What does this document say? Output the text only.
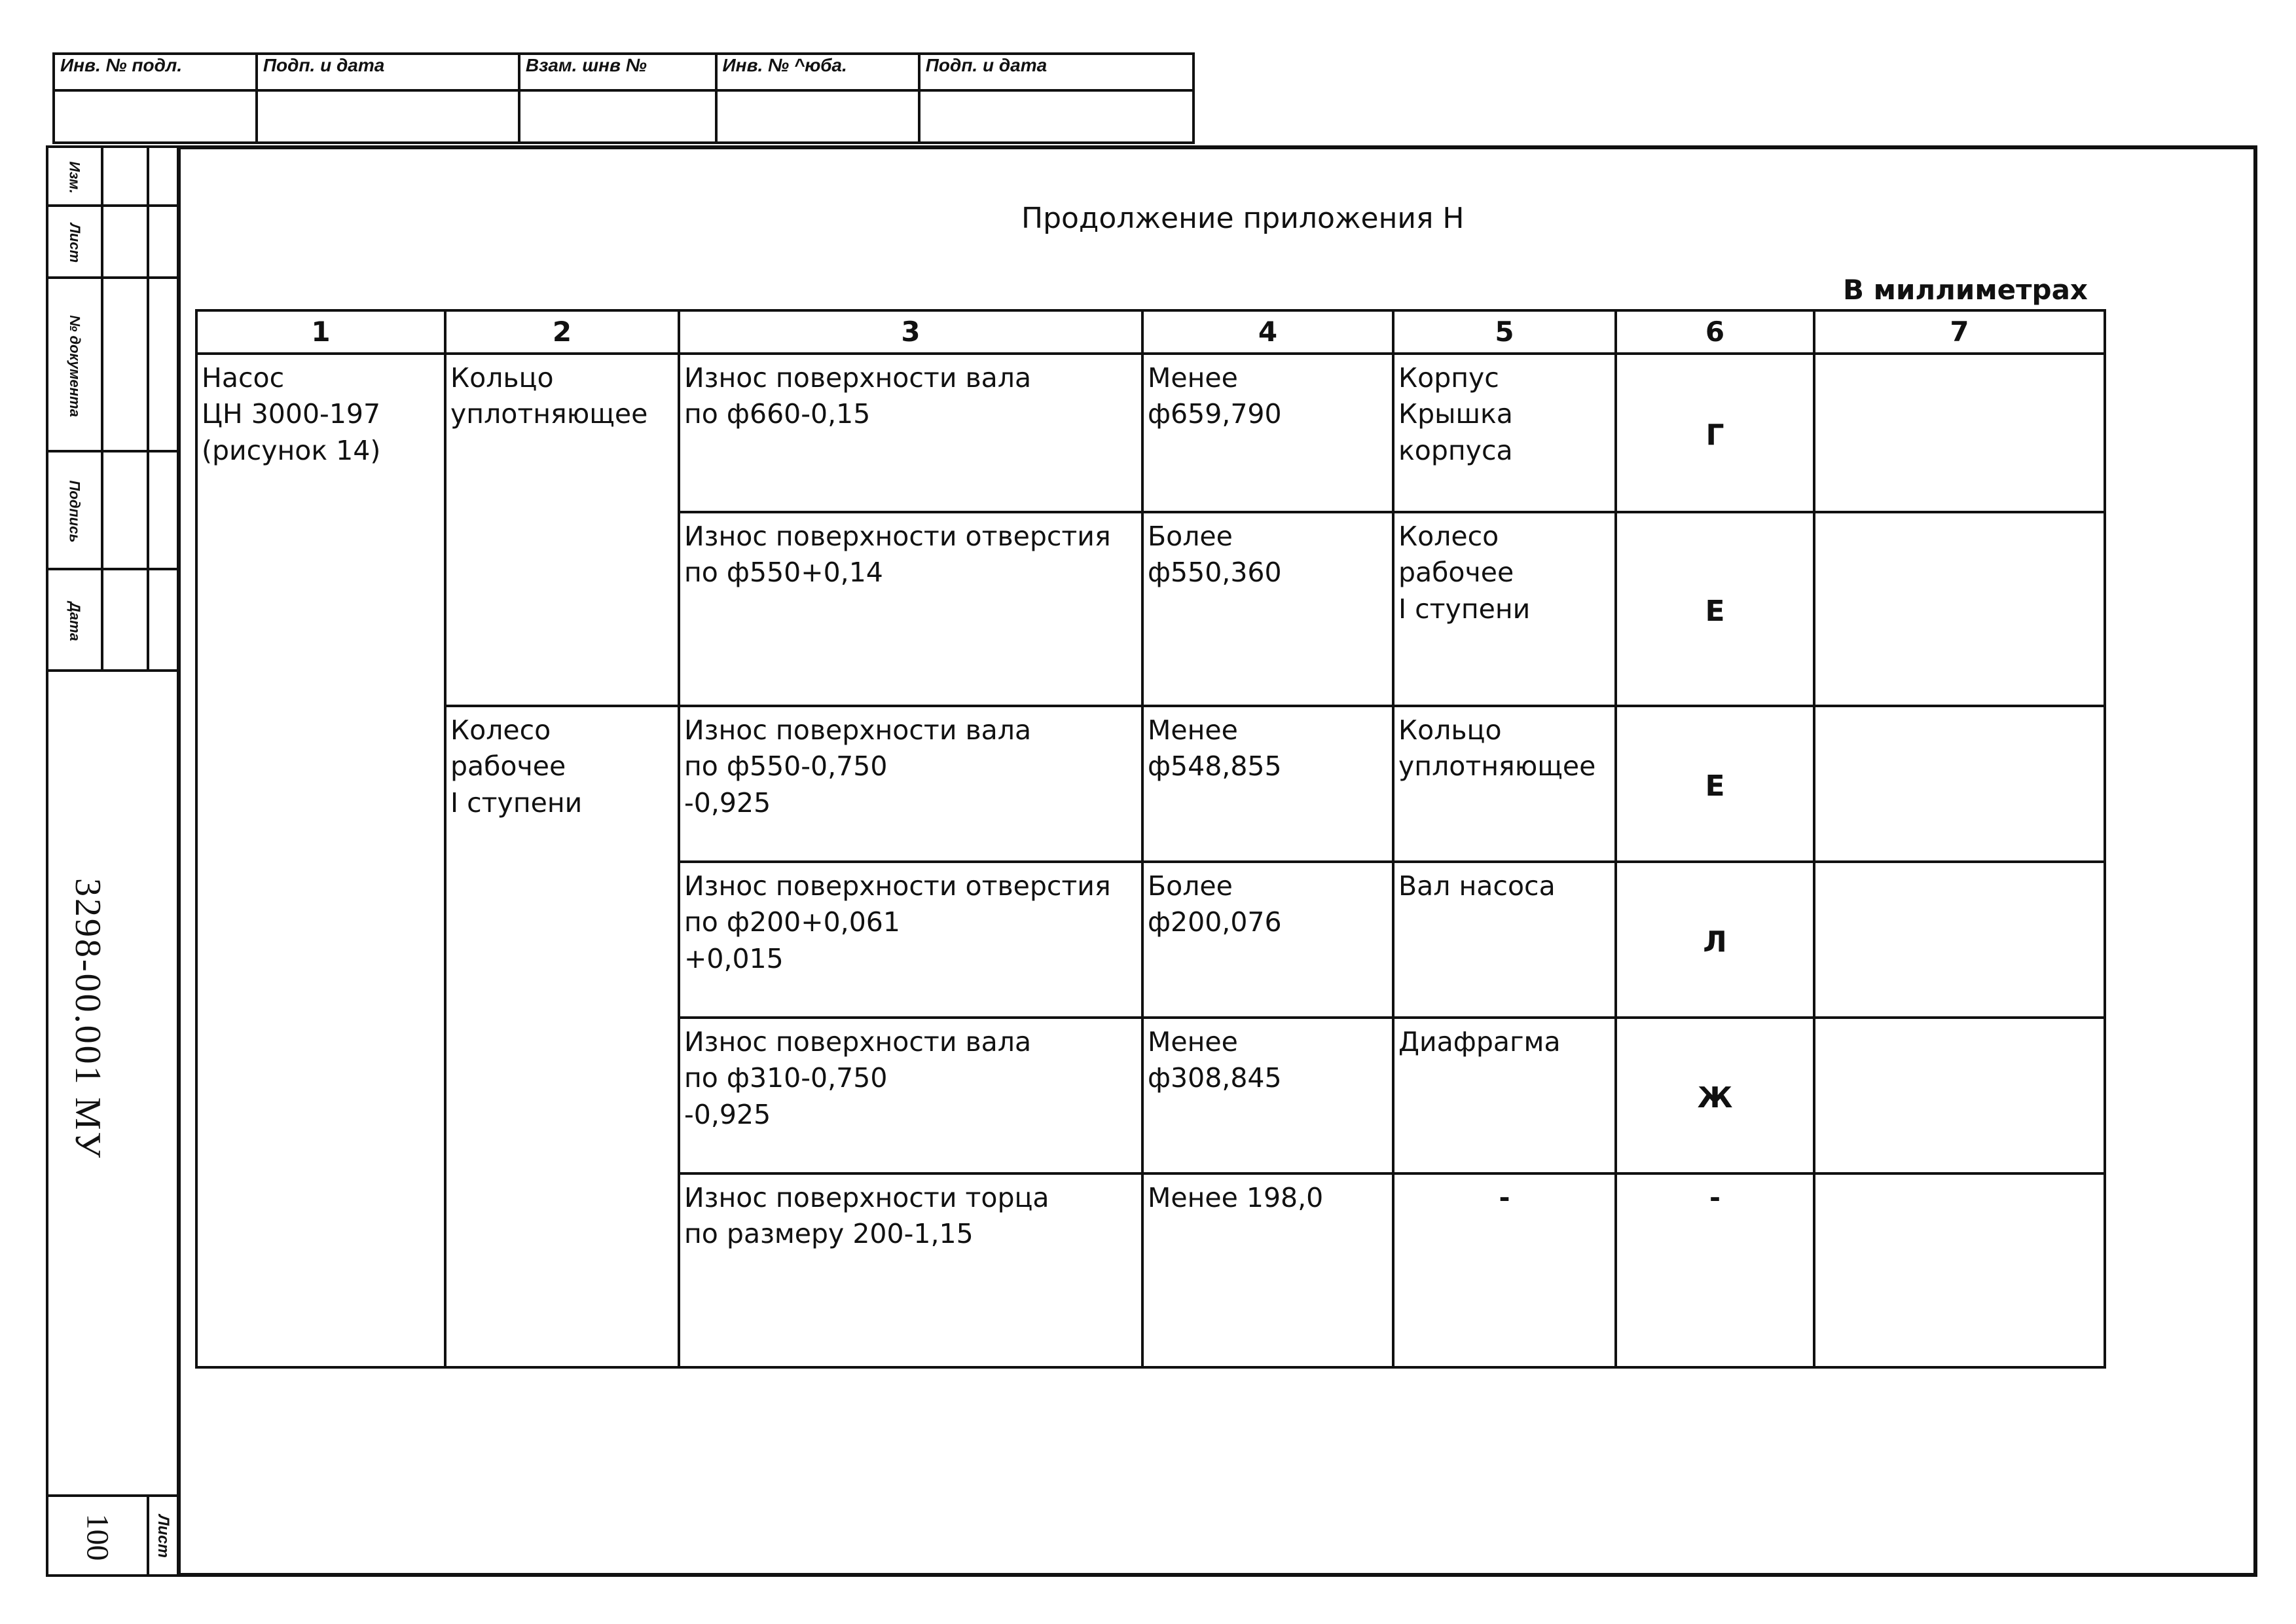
Инв. № подл.	Подп. и дата	Взам. шнв №	Инв. № ^юба.	Подп. и дата

Изм.
Лист
№ документа
Подпись
Дата
3298-00.001 МУ
100	Лист
Продолжение приложения Н
В миллиметрах
1	2	3	4	5	6	7
Насос
ЦН 3000-197
(рисунок 14)	Кольцо
уплотняющее	Износ поверхности вала
по ф660-0,15	Менее
ф659,790	Корпус
Крышка
корпуса	Г	
		Износ поверхности отверстия
по ф550+0,14	Более
ф550,360	Колесо
рабочее
I ступени	Е	
	Колесо
рабочее
I ступени	Износ поверхности вала
по ф550-0,750
-0,925	Менее
ф548,855	Кольцо
уплотняющее	Е	
		Износ поверхности отверстия
по ф200+0,061
+0,015	Более
ф200,076	Вал насоса	Л	
		Износ поверхности вала
по ф310-0,750
-0,925	Менее
ф308,845	Диафрагма	Ж	
		Износ поверхности торца
по размеру 200-1,15	Менее 198,0	-	-	
